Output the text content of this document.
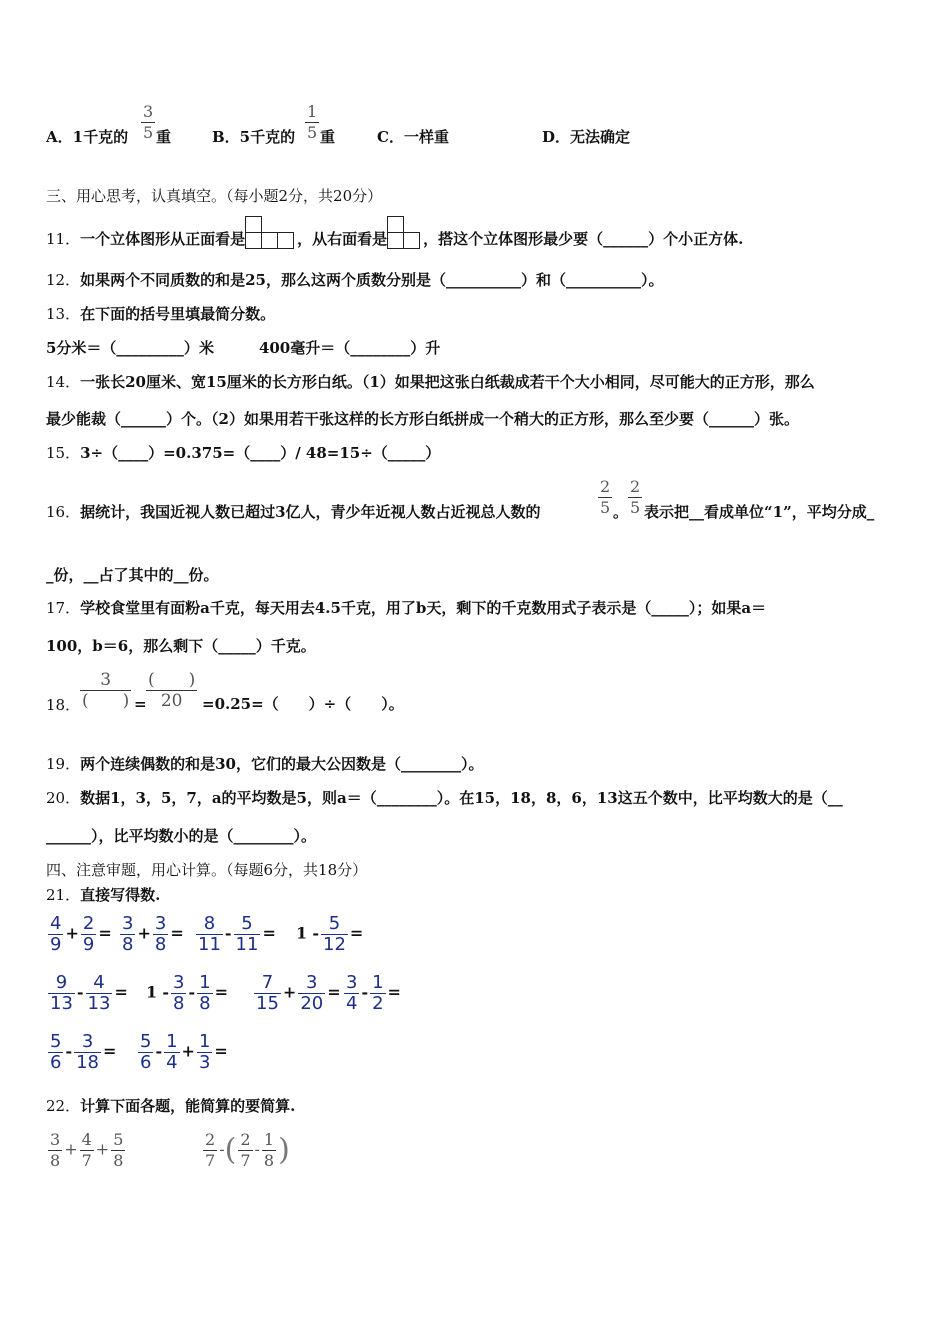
A．1千克的
3
5 重	B．5千克的
1
5 重	C．一样重	D．无法确定
三、用心思考，认真填空。（每小题2分，共20分）
11．一个立体图形从正面看是	，从右面看是 ，搭这个立体图形最少要（______）个小正方体.
12．如果两个不同质数的和是25，那么这两个质数分别是（__________）和（__________）。
13．在下面的括号里填最简分数。
5分米＝（_________）米　　　400毫升＝（________）升
14．一张长20厘米、宽15厘米的长方形白纸。（1）如果把这张白纸裁成若干个大小相同，尽可能大的正方形，那么
最少能裁（______）个。（2）如果用若干张这样的长方形白纸拼成一个稍大的正方形，那么至少要（______）张。
15．3÷（____）=0.375=（____）/ 48=15÷（_____）
16．据统计，我国近视人数已超过3亿人，青少年近视人数占近视总人数的
2
5 。
2
5 表示把__看成单位“1”，平均分成_
_份，__占了其中的__份。
17．学校食堂里有面粉a千克，每天用去4.5千克，用了b天，剩下的千克数用式子表示是（_____）；如果a＝
100，b＝6，那么剩下（_____）千克。
18．
3
(　　) =
(　　)
20 =0.25=（　　）÷（　　）。
19．两个连续偶数的和是30，它们的最大公因数是（________）。
20．数据1，3，5，7，a的平均数是5，则a＝（________）。在15，18，8，6，13这五个数中，比平均数大的是（__
______），比平均数小的是（________）。
四、注意审题，用心计算。（每题6分，共18分）
21．直接写得数.
$\frac{4}{9} + \frac{2}{9} = \frac{3}{8} + \frac{3}{8} = \frac{8}{11} - \frac{5}{11} = 1 - \frac{5}{12}$ =
$\frac{9}{13} - \frac{4}{13} = 1 - \frac{3}{8} - \frac{1}{8} = \frac{7}{15} + \frac{3}{20} = \frac{3}{4} - \frac{1}{2}$ =
$\frac{5}{6} - \frac{3}{18} = \frac{5}{6} - \frac{1}{4} + \frac{1}{3}$ =
22．计算下面各题，能简算的要简算.
$\frac{3}{8} + \frac{4}{7} + \frac{5}{8}$	$\frac{2}{7}$ -( $\frac{2}{7} - \frac{1}{8}$ )
